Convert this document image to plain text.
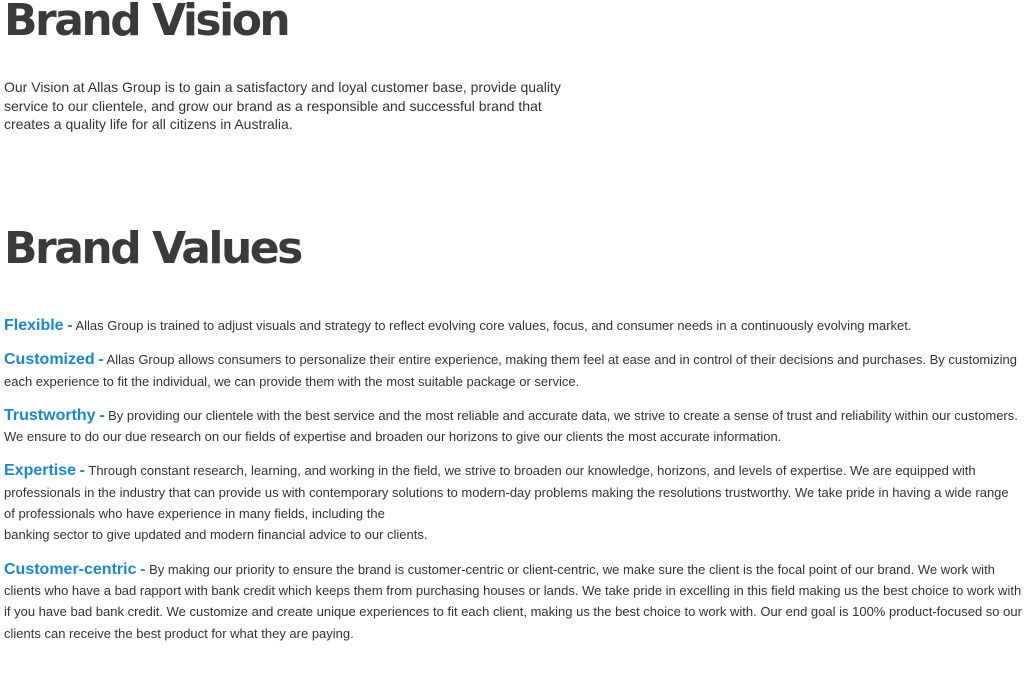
Brand Vision

Our Vision at Allas Group is to gain a satisfactory and loyal customer base, provide quality service to our clientele, and grow our brand as a responsible and successful brand that creates a quality life for all citizens in Australia.

Brand Values

Flexible - Allas Group is trained to adjust visuals and strategy to reflect evolving core values, focus, and consumer needs in a continuously evolving market.

Customized - Allas Group allows consumers to personalize their entire experience, making them feel at ease and in control of their decisions and purchases. By customizing each experience to fit the individual, we can provide them with the most suitable package or service.

Trustworthy - By providing our clientele with the best service and the most reliable and accurate data, we strive to create a sense of trust and reliability within our customers. We ensure to do our due research on our fields of expertise and broaden our horizons to give our clients the most accurate information.

Expertise - Through constant research, learning, and working in the field, we strive to broaden our knowledge, horizons, and levels of expertise. We are equipped with professionals in the industry that can provide us with contemporary solutions to modern-day problems making the resolutions trustworthy. We take pride in having a wide range of professionals who have experience in many fields, including the
banking sector to give updated and modern financial advice to our clients.

Customer-centric - By making our priority to ensure the brand is customer-centric or client-centric, we make sure the client is the focal point of our brand. We work with clients who have a bad rapport with bank credit which keeps them from purchasing houses or lands. We take pride in excelling in this field making us the best choice to work with if you have bad bank credit. We customize and create unique experiences to fit each client, making us the best choice to work with. Our end goal is 100% product-focused so our clients can receive the best product for what they are paying.
